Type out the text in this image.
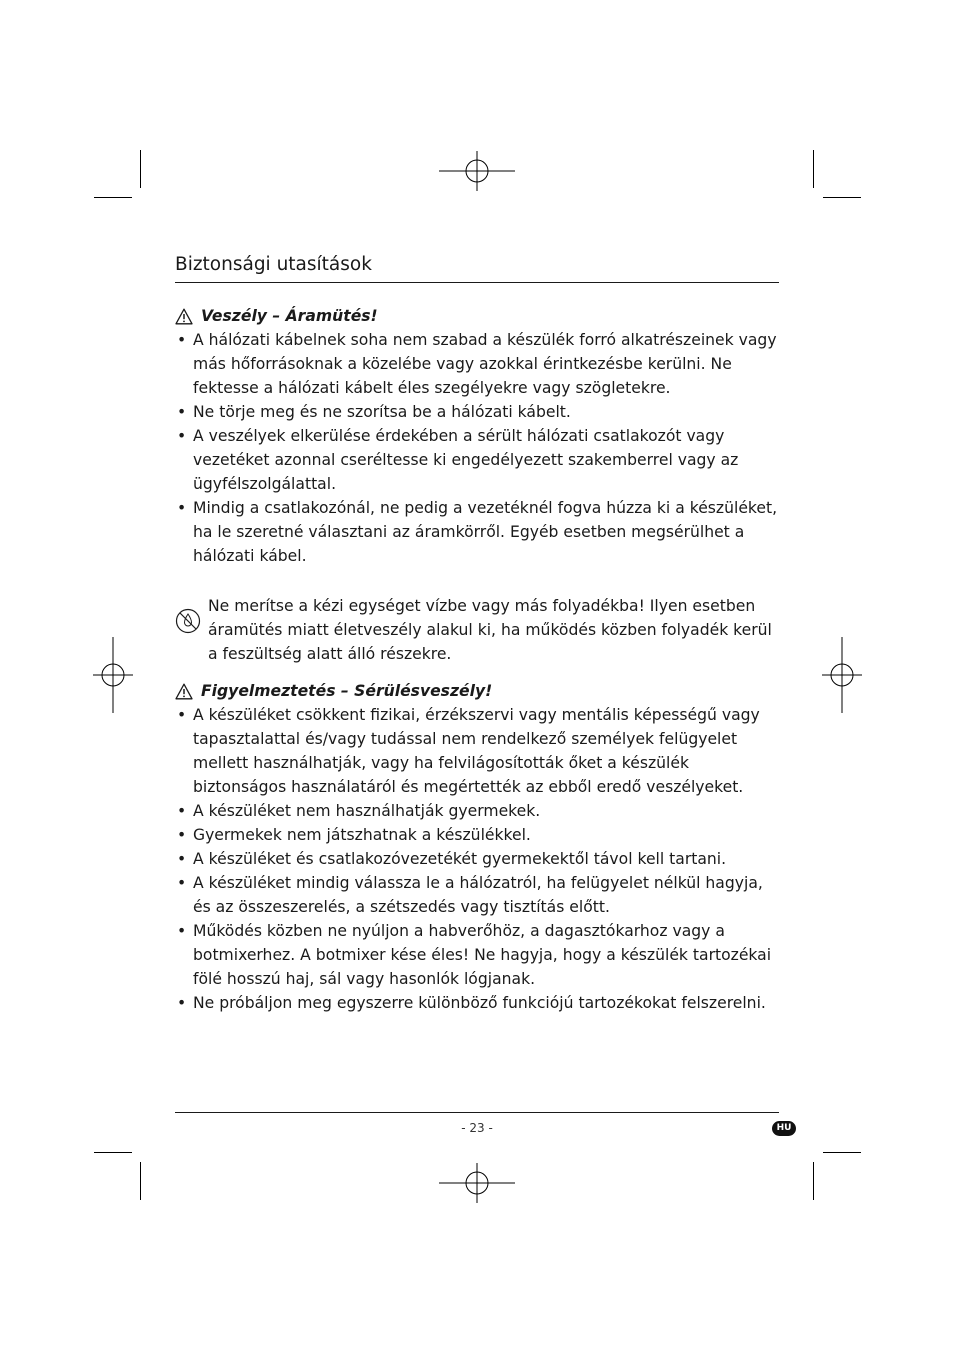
Biztonsági utasítások
Veszély – Áramütés!
• A hálózati kábelnek soha nem szabad a készülék forró alkatrészeinek vagy más hőforrásoknak a közelébe vagy azokkal érintkezésbe kerülni. Ne fektesse a hálózati kábelt éles szegélyekre vagy szögletekre.
• Ne törje meg és ne szorítsa be a hálózati kábelt.
• A veszélyek elkerülése érdekében a sérült hálózati csatlakozót vagy vezetéket azonnal cseréltesse ki engedélyezett szakemberrel vagy az ügyfélszolgálattal.
• Mindig a csatlakozónál, ne pedig a vezetéknél fogva húzza ki a készüléket, ha le szeretné választani az áramkörről. Egyéb esetben megsérülhet a hálózati kábel.
Ne merítse a kézi egységet vízbe vagy más folyadékba! Ilyen esetben áramütés miatt életveszély alakul ki, ha működés közben folyadék kerül a feszültség alatt álló részekre.
Figyelmeztetés – Sérülésveszély!
• A készüléket csökkent fizikai, érzékszervi vagy mentális képességű vagy tapasztalattal és/vagy tudással nem rendelkező személyek felügyelet mellett használhatják, vagy ha felvilágosították őket a készülék biztonságos használatáról és megértették az ebből eredő veszélyeket.
• A készüléket nem használhatják gyermekek.
• Gyermekek nem játszhatnak a készülékkel.
• A készüléket és csatlakozóvezetékét gyermekektől távol kell tartani.
• A készüléket mindig válassza le a hálózatról, ha felügyelet nélkül hagyja, és az összeszerelés, a szétszedés vagy tisztítás előtt.
• Működés közben ne nyúljon a habverőhöz, a dagasztókarhoz vagy a botmixerhez. A botmixer kése éles! Ne hagyja, hogy a készülék tartozékai fölé hosszú haj, sál vagy hasonlók lógjanak.
• Ne próbáljon meg egyszerre különböző funkciójú tartozékokat felszerelni.
- 23 -	HU
